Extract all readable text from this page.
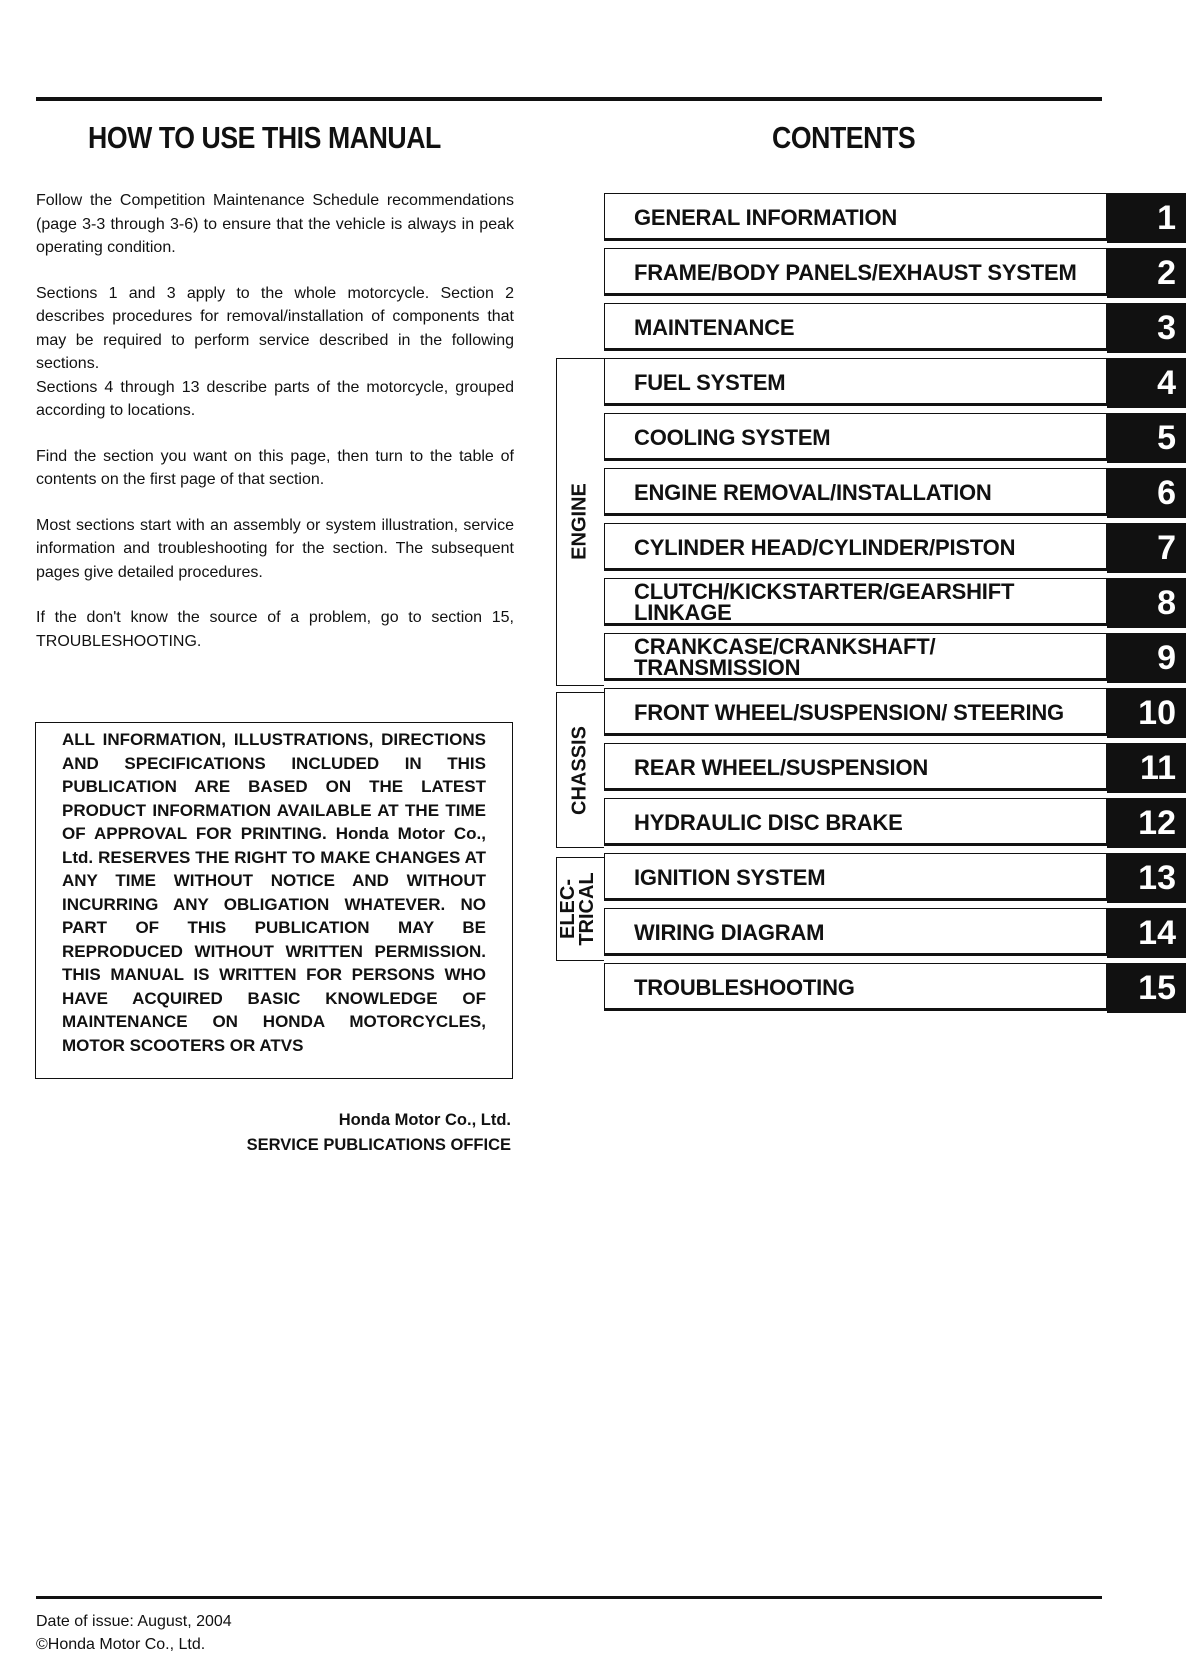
HOW TO USE THIS MANUAL	CONTENTS

Follow the Competition Maintenance Schedule recommendations (page 3-3 through 3-6) to ensure that the vehicle is always in peak operating condition.

Sections 1 and 3 apply to the whole motorcycle. Section 2 describes procedures for removal/installation of components that may be required to perform service described in the following sections.

Sections 4 through 13 describe parts of the motorcycle, grouped according to locations.

Find the section you want on this page, then turn to the table of contents on the first page of that section.

Most sections start with an assembly or system illustration, service information and troubleshooting for the section. The subsequent pages give detailed procedures.

If the don't know the source of a problem, go to section 15, TROUBLESHOOTING.

ALL INFORMATION, ILLUSTRATIONS, DIRECTIONS AND SPECIFICATIONS INCLUDED IN THIS PUBLICATION ARE BASED ON THE LATEST PRODUCT INFORMATION AVAILABLE AT THE TIME OF APPROVAL FOR PRINTING. Honda Motor Co., Ltd. RESERVES THE RIGHT TO MAKE CHANGES AT ANY TIME WITHOUT NOTICE AND WITHOUT INCURRING ANY OBLIGATION WHATEVER. NO PART OF THIS PUBLICATION MAY BE REPRODUCED WITHOUT WRITTEN PERMISSION. THIS MANUAL IS WRITTEN FOR PERSONS WHO HAVE ACQUIRED BASIC KNOWLEDGE OF MAINTENANCE ON HONDA MOTORCYCLES, MOTOR SCOOTERS OR ATVS
Honda Motor Co., Ltd.
SERVICE PUBLICATIONS OFFICE
ENGINE
CHASSIS
ELEC-
TRICAL
GENERAL INFORMATION	1
FRAME/BODY PANELS/EXHAUST SYSTEM	2
MAINTENANCE	3
FUEL SYSTEM	4
COOLING SYSTEM	5
ENGINE REMOVAL/INSTALLATION	6
CYLINDER HEAD/CYLINDER/PISTON	7
CLUTCH/KICKSTARTER/GEARSHIFT LINKAGE	8
CRANKCASE/CRANKSHAFT/ TRANSMISSION	9
FRONT WHEEL/SUSPENSION/ STEERING	10
REAR WHEEL/SUSPENSION	11
HYDRAULIC DISC BRAKE	12
IGNITION SYSTEM	13
WIRING DIAGRAM	14
TROUBLESHOOTING	15
Date of issue: August, 2004
©Honda Motor Co., Ltd.
